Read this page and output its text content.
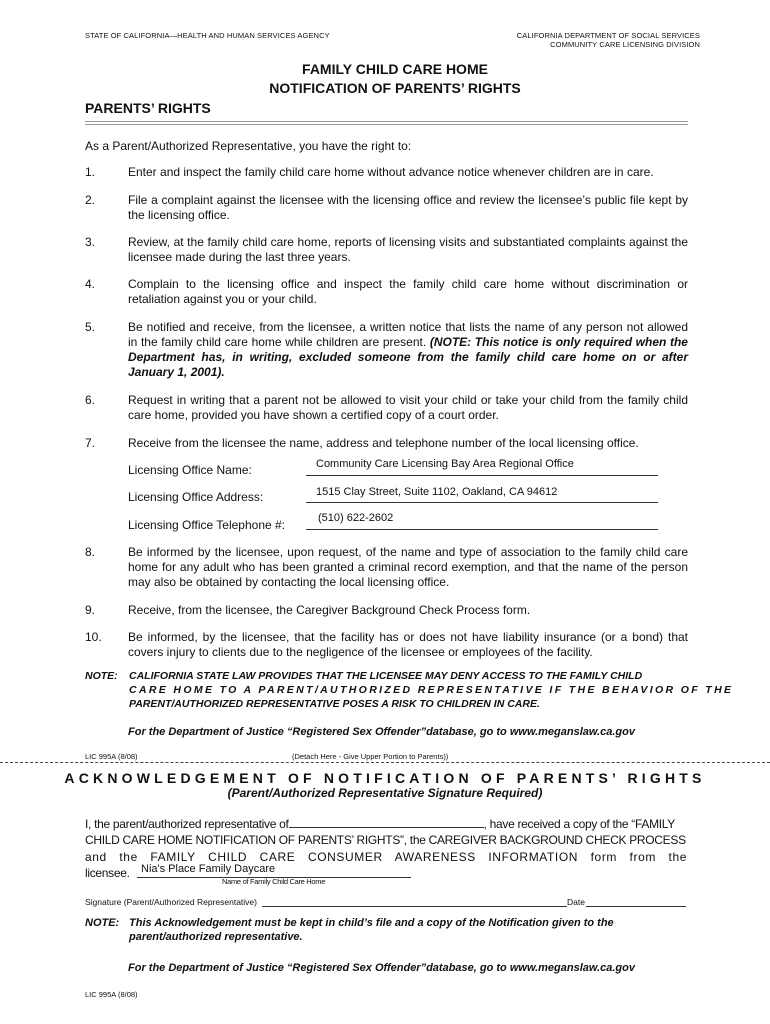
STATE OF CALIFORNIA—HEALTH AND HUMAN SERVICES AGENCY	CALIFORNIA DEPARTMENT OF SOCIAL SERVICES
COMMUNITY CARE LICENSING DIVISION
FAMILY CHILD CARE HOME
NOTIFICATION OF PARENTS’ RIGHTS
PARENTS’ RIGHTS
As a Parent/Authorized Representative, you have the right to:
1.	Enter and inspect the family child care home without advance notice whenever children are in care.
2.	File a complaint against the licensee with the licensing office and review the licensee’s public file kept by the licensing office.
3.	Review, at the family child care home, reports of licensing visits and substantiated complaints against the licensee made during the last three years.
4.	Complain to the licensing office and inspect the family child care home without discrimination or retaliation against you or your child.
5.	Be notified and receive, from the licensee, a written notice that lists the name of any person not allowed in the family child care home while children are present. (NOTE: This notice is only required when the Department has, in writing, excluded someone from the family child care home on or after January 1, 2001).
6.	Request in writing that a parent not be allowed to visit your child or take your child from the family child care home, provided you have shown a certified copy of a court order.
7.	Receive from the licensee the name, address and telephone number of the local licensing office.
Licensing Office Name:	Community Care Licensing Bay Area Regional Office
Licensing Office Address:	1515 Clay Street, Suite 1102, Oakland, CA 94612
Licensing Office Telephone #:	(510) 622-2602
8.	Be informed by the licensee, upon request, of the name and type of association to the family child care home for any adult who has been granted a criminal record exemption, and that the name of the person may also be obtained by contacting the local licensing office.
9.	Receive, from the licensee, the Caregiver Background Check Process form.
10. Be informed, by the licensee, that the facility has or does not have liability insurance (or a bond) that covers injury to clients due to the negligence of the licensee or employees of the facility.
NOTE: CALIFORNIA STATE LAW PROVIDES THAT THE LICENSEE MAY DENY ACCESS TO THE FAMILY CHILD
CARE HOME TO A PARENT/AUTHORIZED REPRESENTATIVE IF THE BEHAVIOR OF THE
PARENT/AUTHORIZED REPRESENTATIVE POSES A RISK TO CHILDREN IN CARE.
For the Department of Justice “Registered Sex Offender”database, go to www.meganslaw.ca.gov
LIC 995A (8/08)	(Detach Here - Give Upper Portion to Parents))
ACKNOWLEDGEMENT OF NOTIFICATION OF PARENTS’ RIGHTS
(Parent/Authorized Representative Signature Required)
I, the parent/authorized representative of	, have received a copy of the “FAMILY
CHILD CARE HOME NOTIFICATION OF PARENTS’ RIGHTS”, the CAREGIVER BACKGROUND CHECK PROCESS
and the FAMILY CHILD CARE CONSUMER AWARENESS INFORMATION form from the
licensee. Nia's Place Family Daycare
Name of Family Child Care Home
Signature (Parent/Authorized Representative)	Date
NOTE: This Acknowledgement must be kept in child’s file and a copy of the Notification given to the
parent/authorized representative.
For the Department of Justice “Registered Sex Offender”database, go to www.meganslaw.ca.gov
LIC 995A (8/08)
